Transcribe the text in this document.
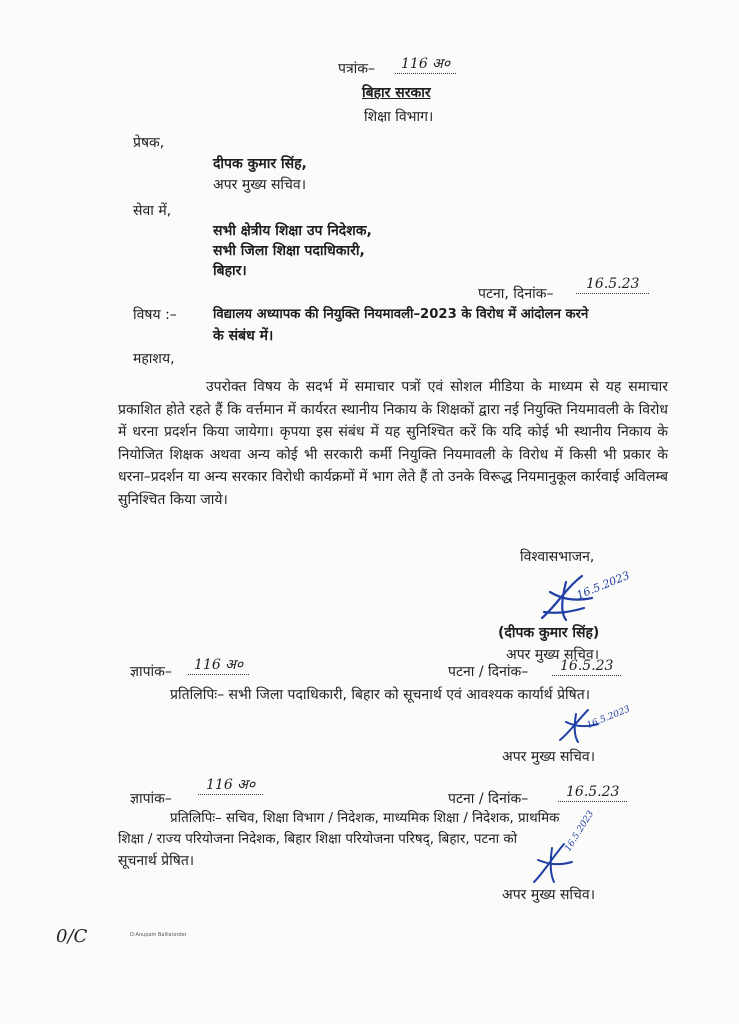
पत्रांक–	116 अ०
बिहार सरकार
शिक्षा विभाग।
प्रेषक,
दीपक कुमार सिंह,
अपर मुख्य सचिव।
सेवा में,
सभी क्षेत्रीय शिक्षा उप निदेशक,
सभी जिला शिक्षा पदाधिकारी,
बिहार।
पटना, दिनांक–
16.5.23
विषय :–	विद्यालय अध्यापक की नियुक्ति नियमावली–2023 के विरोध में आंदोलन करने
के संबंध में।
महाशय,
उपरोक्त विषय के सदर्भ में समाचार पत्रों एवं सोशल मीडिया के माध्यम से यह समाचार प्रकाशित होते रहते हैं कि वर्त्तमान में कार्यरत स्थानीय निकाय के शिक्षकों द्वारा नई नियुक्ति नियमावली के विरोध में धरना प्रदर्शन किया जायेगा। कृपया इस संबंध में यह सुनिश्चित करें कि यदि कोई भी स्थानीय निकाय के नियोजित शिक्षक अथवा अन्य कोई भी सरकारी कर्मी नियुक्ति नियमावली के विरोध में किसी भी प्रकार के धरना–प्रदर्शन या अन्य सरकार विरोधी कार्यक्रमों में भाग लेते हैं तो उनके विरूद्ध नियमानुकूल कार्रवाई अविलम्ब सुनिश्चित किया जाये।
विश्वासभाजन,
16.5.2023
(दीपक कुमार सिंह)
अपर मुख्य सचिव।
ज्ञापांक–	116 अ०	पटना / दिनांक–	16.5.23
प्रतिलिपिः– सभी जिला पदाधिकारी, बिहार को सूचनार्थ एवं आवश्यक कार्यार्थ प्रेषित।
16.5.2023
अपर मुख्य सचिव।
ज्ञापांक–
116 अ०
पटना / दिनांक–	16.5.23
प्रतिलिपिः– सचिव, शिक्षा विभाग / निदेशक, माध्यमिक शिक्षा / निदेशक, प्राथमिक
शिक्षा / राज्य परियोजना निदेशक, बिहार शिक्षा परियोजना परिषद्, बिहार, पटना को
सूचनार्थ प्रेषित।
16.5.2023
अपर मुख्य सचिव।
0/C	D:Anupam Ballia\order
